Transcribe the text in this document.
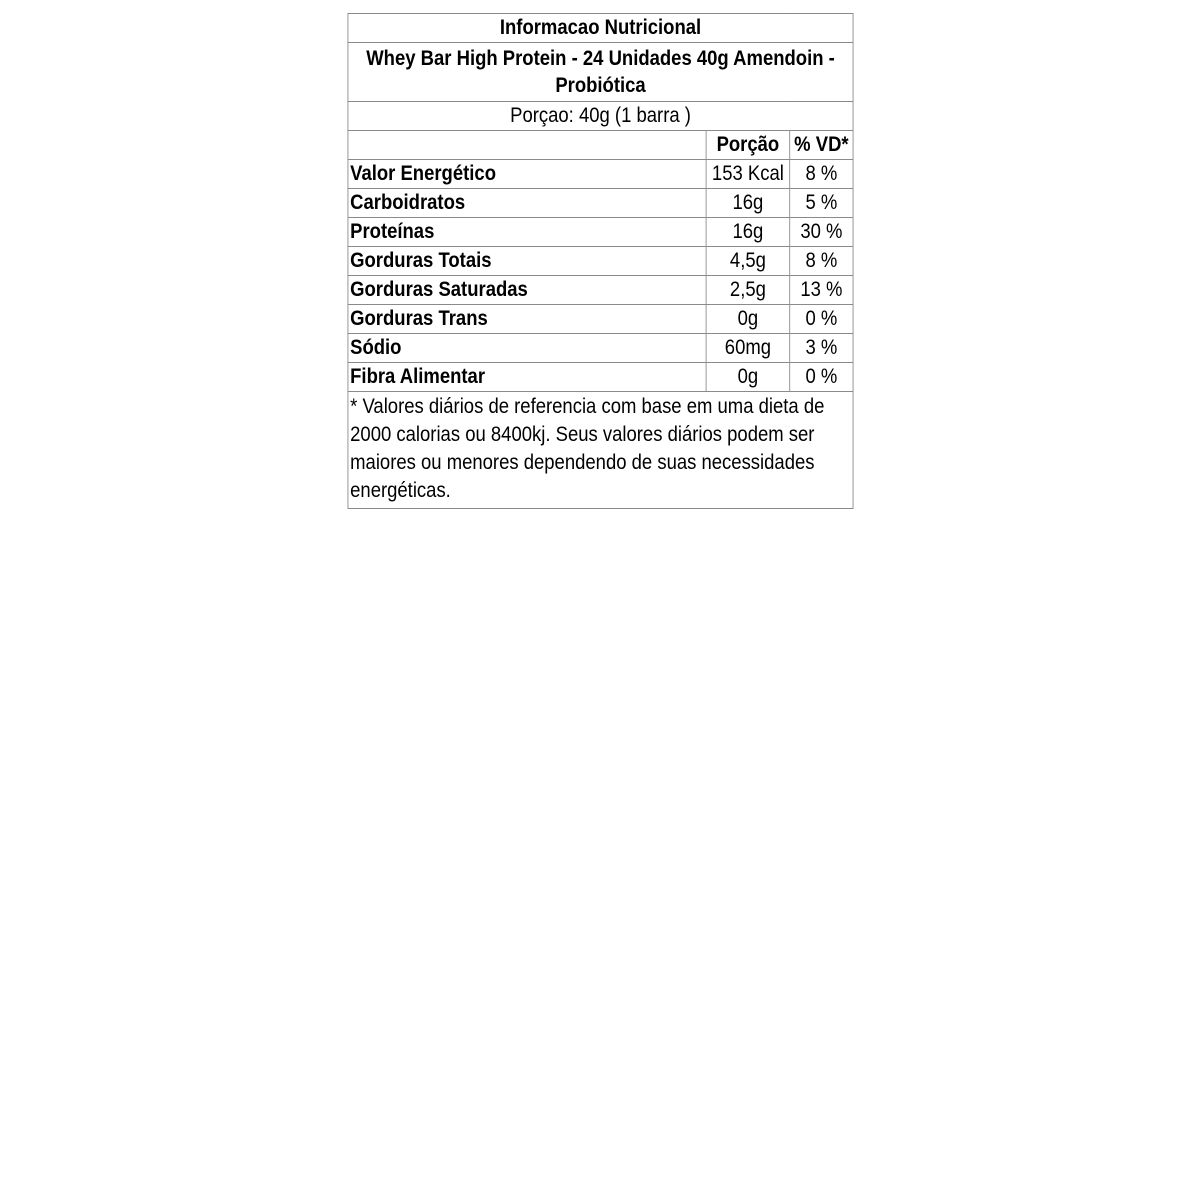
Informacao Nutricional		
Whey Bar High Protein - 24 Unidades 40g Amendoin - Probiótica		
Porçao: 40g (1 barra )		
	Porção	% VD*
Valor Energético	153 Kcal	8 %
Carboidratos	16g	5 %
Proteínas	16g	30 %
Gorduras Totais	4,5g	8 %
Gorduras Saturadas	2,5g	13 %
Gorduras Trans	0g	0 %
Sódio	60mg	3 %
Fibra Alimentar	0g	0 %
* Valores diários de referencia com base em uma dieta de 2000 calorias ou 8400kj. Seus valores diários podem ser maiores ou menores dependendo de suas necessidades energéticas.		
